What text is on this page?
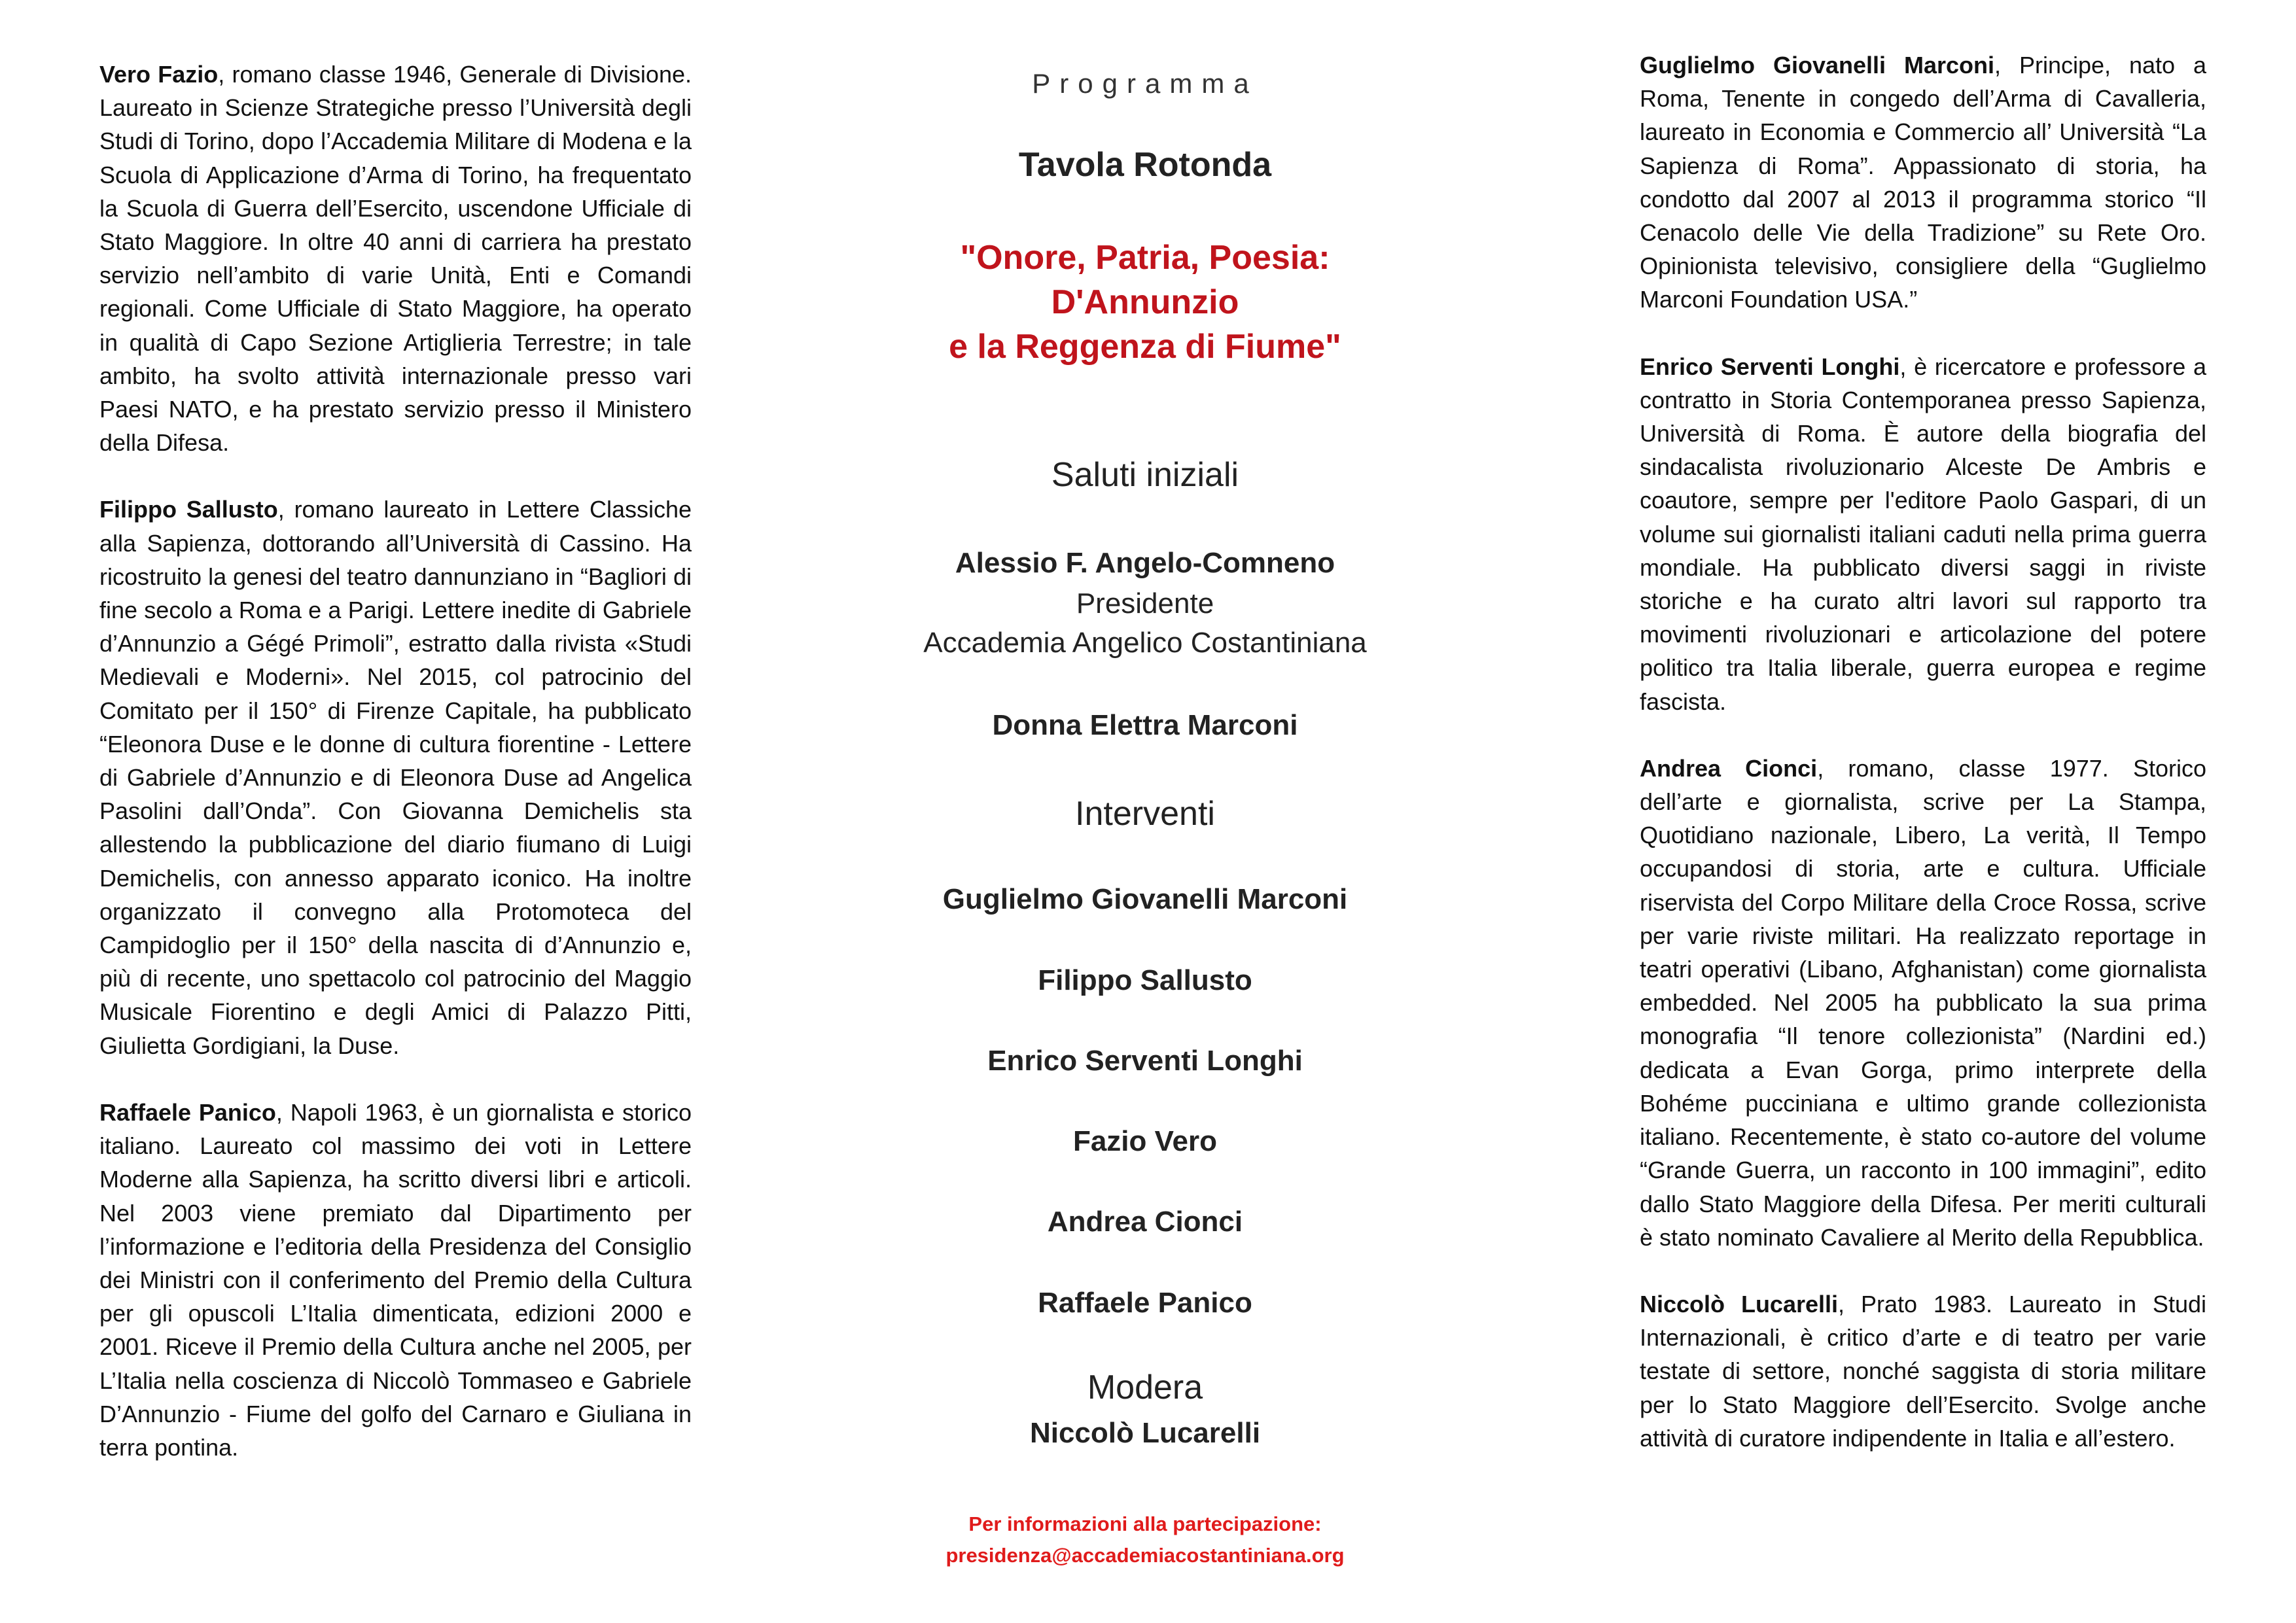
Vero Fazio, romano classe 1946, Generale di Divisione. Laureato in Scienze Strategiche presso l’Università degli Studi di Torino, dopo l’Accademia Militare di Modena e la Scuola di Applicazione d’Arma di Torino, ha frequentato la Scuola di Guerra dell’Esercito, uscendone Ufficiale di Stato Maggiore. In oltre 40 anni di carriera ha prestato servizio nell’ambito di varie Unità, Enti e Comandi regionali. Come Ufficiale di Stato Maggiore, ha operato in qualità di Capo Sezione Artiglieria Terrestre; in tale ambito, ha svolto attività internazionale presso vari Paesi NATO, e ha prestato servizio presso il Ministero della Difesa.

Filippo Sallusto, romano laureato in Lettere Classiche alla Sapienza, dottorando all’Università di Cassino. Ha ricostruito la genesi del teatro dannunziano in “Bagliori di fine secolo a Roma e a Parigi. Lettere inedite di Gabriele d’Annunzio a Gégé Primoli”, estratto dalla rivista «Studi Medievali e Moderni». Nel 2015, col patrocinio del Comitato per il 150° di Firenze Capitale, ha pubblicato “Eleonora Duse e le donne di cultura fiorentine - Lettere di Gabriele d’Annunzio e di Eleonora Duse ad Angelica Pasolini dall’Onda”. Con Giovanna Demichelis sta allestendo la pubblicazione del diario fiumano di Luigi Demichelis, con annesso apparato iconico. Ha inoltre organizzato il convegno alla Protomoteca del Campidoglio per il 150° della nascita di d’Annunzio e, più di recente, uno spettacolo col patrocinio del Maggio Musicale Fiorentino e degli Amici di Palazzo Pitti, Giulietta Gordigiani, la Duse.

Raffaele Panico, Napoli 1963, è un giornalista e storico italiano. Laureato col massimo dei voti in Lettere Moderne alla Sapienza, ha scritto diversi libri e articoli. Nel 2003 viene premiato dal Dipartimento per l’informazione e l’editoria della Presidenza del Consiglio dei Ministri con il conferimento del Premio della Cultura per gli opuscoli L’Italia dimenticata, edizioni 2000 e 2001. Riceve il Premio della Cultura anche nel 2005, per L’Italia nella coscienza di Niccolò Tommaseo e Gabriele D’Annunzio - Fiume del golfo del Carnaro e Giuliana in terra pontina.

Programma
Tavola Rotonda
"Onore, Patria, Poesia:
D'Annunzio
e la Reggenza di Fiume"
Saluti iniziali
Alessio F. Angelo-Comneno
Presidente
Accademia Angelico Costantiniana
Donna Elettra Marconi
Interventi
Guglielmo Giovanelli Marconi
Filippo Sallusto
Enrico Serventi Longhi
Fazio Vero
Andrea Cionci
Raffaele Panico
Modera
Niccolò Lucarelli
Per informazioni alla partecipazione:
presidenza@accademiacostantiniana.org

Guglielmo Giovanelli Marconi, Principe, nato a Roma, Tenente in congedo dell’Arma di Cavalleria, laureato in Economia e Commercio all’ Università “La Sapienza di Roma”. Appassionato di storia, ha condotto dal 2007 al 2013 il programma storico “Il Cenacolo delle Vie della Tradizione” su Rete Oro. Opinionista televisivo, consigliere della “Guglielmo Marconi Foundation USA.”

Enrico Serventi Longhi, è ricercatore e professore a contratto in Storia Contemporanea presso Sapienza, Università di Roma. È autore della biografia del sindacalista rivoluzionario Alceste De Ambris e coautore, sempre per l'editore Paolo Gaspari, di un volume sui giornalisti italiani caduti nella prima guerra mondiale. Ha pubblicato diversi saggi in riviste storiche e ha curato altri lavori sul rapporto tra movimenti rivoluzionari e articolazione del potere politico tra Italia liberale, guerra europea e regime fascista.

Andrea Cionci, romano, classe 1977. Storico dell’arte e giornalista, scrive per La Stampa, Quotidiano nazionale, Libero, La verità, Il Tempo occupandosi di storia, arte e cultura. Ufficiale riservista del Corpo Militare della Croce Rossa, scrive per varie riviste militari. Ha realizzato reportage in teatri operativi (Libano, Afghanistan) come giornalista embedded. Nel 2005 ha pubblicato la sua prima monografia “Il tenore collezionista” (Nardini ed.) dedicata a Evan Gorga, primo interprete della Bohéme pucciniana e ultimo grande collezionista italiano. Recentemente, è stato co-autore del volume “Grande Guerra, un racconto in 100 immagini”, edito dallo Stato Maggiore della Difesa. Per meriti culturali è stato nominato Cavaliere al Merito della Repubblica.

Niccolò Lucarelli, Prato 1983. Laureato in Studi Internazionali, è critico d’arte e di teatro per varie testate di settore, nonché saggista di storia militare per lo Stato Maggiore dell’Esercito. Svolge anche attività di curatore indipendente in Italia e all’estero.
